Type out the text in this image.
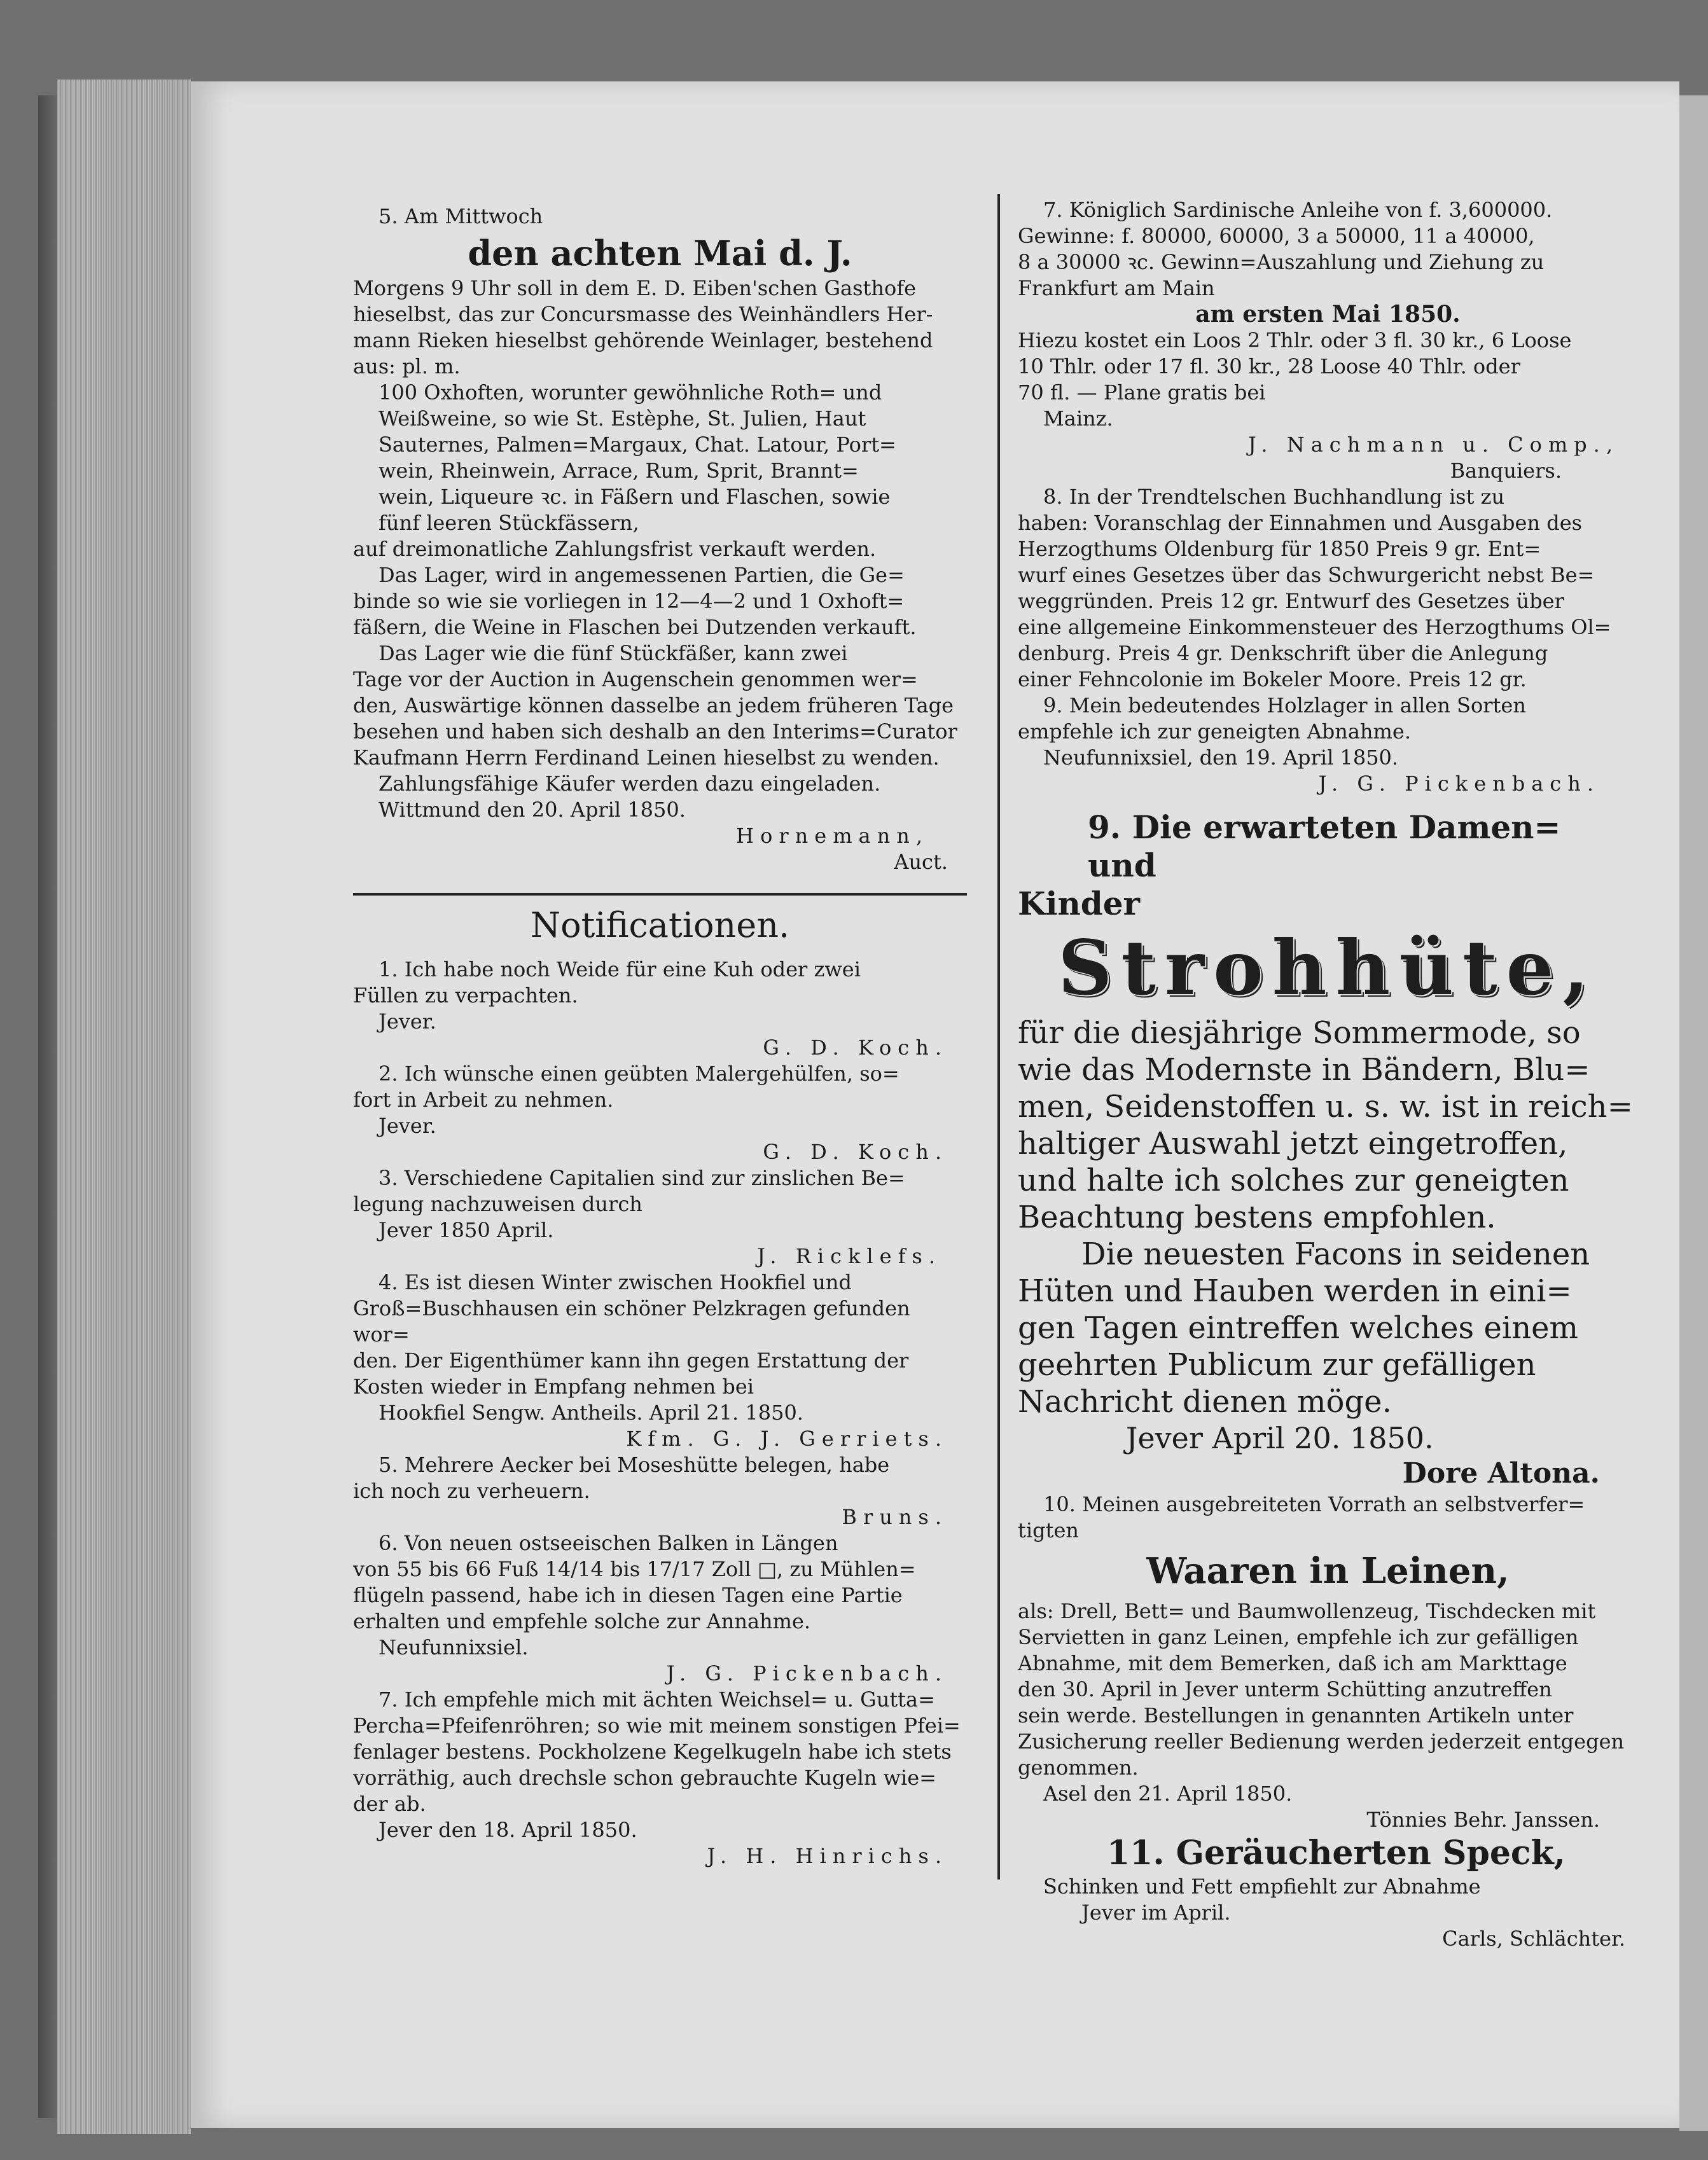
5. Am Mittwoch

den achten Mai d. J.

Morgens 9 Uhr soll in dem E. D. Eiben'schen Gasthofe

hieselbst, das zur Concursmasse des Weinhändlers Her-

mann Rieken hieselbst gehörende Weinlager, bestehend

aus: pl. m.

100 Oxhoften, worunter gewöhnliche Roth= und

Weißweine, so wie St. Estèphe, St. Julien, Haut

Sauternes, Palmen=Margaux, Chat. Latour, Port=

wein, Rheinwein, Arrace, Rum, Sprit, Brannt=

wein, Liqueure ꝛc. in Fäßern und Flaschen, sowie

fünf leeren Stückfässern,

auf dreimonatliche Zahlungsfrist verkauft werden.

Das Lager, wird in angemessenen Partien, die Ge=

binde so wie sie vorliegen in 12—4—2 und 1 Oxhoft=

fäßern, die Weine in Flaschen bei Dutzenden verkauft.

Das Lager wie die fünf Stückfäßer, kann zwei

Tage vor der Auction in Augenschein genommen wer=

den, Auswärtige können dasselbe an jedem früheren Tage

besehen und haben sich deshalb an den Interims=Curator

Kaufmann Herrn Ferdinand Leinen hieselbst zu wenden.

Zahlungsfähige Käufer werden dazu eingeladen.

Wittmund den 20. April 1850.

Hornemann,

Auct.

Notificationen.

1. Ich habe noch Weide für eine Kuh oder zwei

Füllen zu verpachten.

Jever.

G. D. Koch.

2. Ich wünsche einen geübten Malergehülfen, so=

fort in Arbeit zu nehmen.

Jever.

G. D. Koch.

3. Verschiedene Capitalien sind zur zinslichen Be=

legung nachzuweisen durch

Jever 1850 April.

J. Ricklefs.

4. Es ist diesen Winter zwischen Hookfiel und

Groß=Buschhausen ein schöner Pelzkragen gefunden wor=

den. Der Eigenthümer kann ihn gegen Erstattung der

Kosten wieder in Empfang nehmen bei

Hookfiel Sengw. Antheils. April 21. 1850.

Kfm. G. J. Gerriets.

5. Mehrere Aecker bei Moseshütte belegen, habe

ich noch zu verheuern.

Bruns.

6. Von neuen ostseeischen Balken in Längen

von 55 bis 66 Fuß 14/14 bis 17/17 Zoll □, zu Mühlen=

flügeln passend, habe ich in diesen Tagen eine Partie

erhalten und empfehle solche zur Annahme.

Neufunnixsiel.

J. G. Pickenbach.

7. Ich empfehle mich mit ächten Weichsel= u. Gutta=

Percha=Pfeifenröhren; so wie mit meinem sonstigen Pfei=

fenlager bestens. Pockholzene Kegelkugeln habe ich stets

vorräthig, auch drechsle schon gebrauchte Kugeln wie=

der ab.

Jever den 18. April 1850.

J. H. Hinrichs.

7. Königlich Sardinische Anleihe von f. 3,600000.

Gewinne: f. 80000, 60000, 3 a 50000, 11 a 40000,

8 a 30000 ꝛc. Gewinn=Auszahlung und Ziehung zu

Frankfurt am Main

am ersten Mai 1850.

Hiezu kostet ein Loos 2 Thlr. oder 3 fl. 30 kr., 6 Loose

10 Thlr. oder 17 fl. 30 kr., 28 Loose 40 Thlr. oder

70 fl. — Plane gratis bei

Mainz.

J. Nachmann u. Comp.,

Banquiers.

8. In der Trendtelschen Buchhandlung ist zu

haben: Voranschlag der Einnahmen und Ausgaben des

Herzogthums Oldenburg für 1850 Preis 9 gr. Ent=

wurf eines Gesetzes über das Schwurgericht nebst Be=

weggründen. Preis 12 gr. Entwurf des Gesetzes über

eine allgemeine Einkommensteuer des Herzogthums Ol=

denburg. Preis 4 gr. Denkschrift über die Anlegung

einer Fehncolonie im Bokeler Moore. Preis 12 gr.

9. Mein bedeutendes Holzlager in allen Sorten

empfehle ich zur geneigten Abnahme.

Neufunnixsiel, den 19. April 1850.

J. G. Pickenbach.

9. Die erwarteten Damen= und

Kinder

Strohhüte,

für die diesjährige Sommermode, so

wie das Modernste in Bändern, Blu=

men, Seidenstoffen u. s. w. ist in reich=

haltiger Auswahl jetzt eingetroffen,

und halte ich solches zur geneigten

Beachtung bestens empfohlen.

Die neuesten Facons in seidenen

Hüten und Hauben werden in eini=

gen Tagen eintreffen welches einem

geehrten Publicum zur gefälligen

Nachricht dienen möge.

Jever April 20. 1850.

Dore Altona.

10. Meinen ausgebreiteten Vorrath an selbstverfer=

tigten

Waaren in Leinen,

als: Drell, Bett= und Baumwollenzeug, Tischdecken mit

Servietten in ganz Leinen, empfehle ich zur gefälligen

Abnahme, mit dem Bemerken, daß ich am Markttage

den 30. April in Jever unterm Schütting anzutreffen

sein werde. Bestellungen in genannten Artikeln unter

Zusicherung reeller Bedienung werden jederzeit entgegen

genommen.

Asel den 21. April 1850.

Tönnies Behr. Janssen.

11. Geräucherten Speck,

Schinken und Fett empfiehlt zur Abnahme

Jever im April.

Carls, Schlächter.
